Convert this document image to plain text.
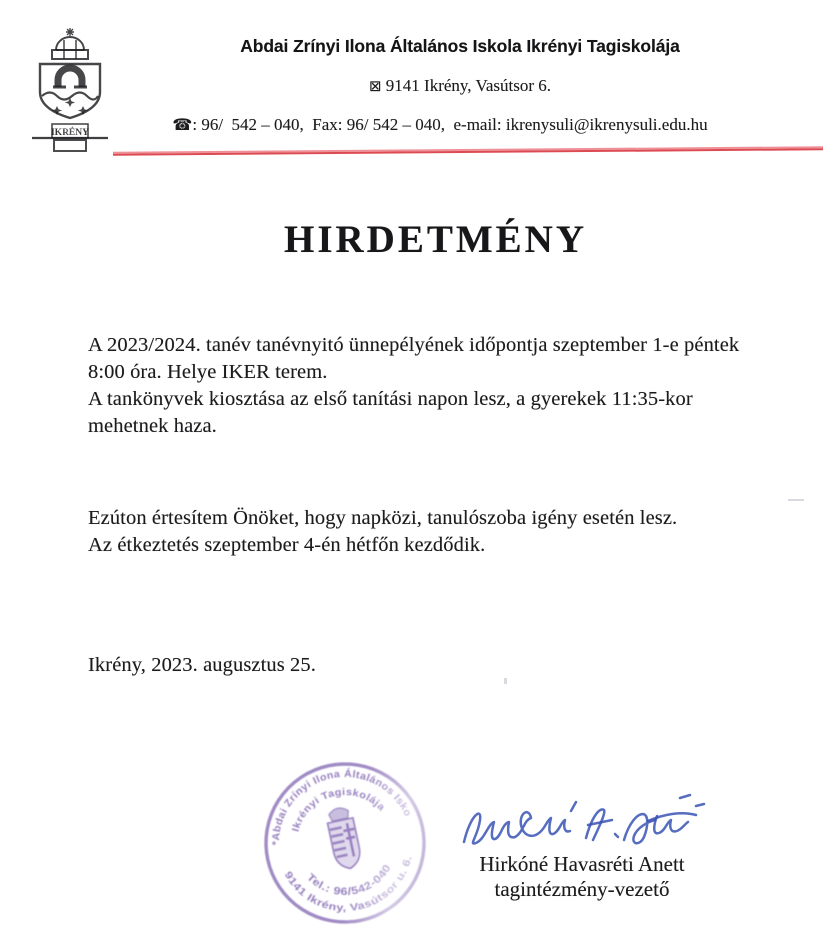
IKRÉNY
Abdai Zrínyi Ilona Általános Iskola Ikrényi Tagiskolája
⊠ 9141 Ikrény, Vasútsor 6.
☎: 96/  542 – 040,  Fax: 96/ 542 – 040,  e-mail: ikrenysuli@ikrenysuli.edu.hu
HIRDETMÉNY
A 2023/2024. tanév tanévnyitó ünnepélyének időpontja szeptember 1-e péntek
8:00 óra. Helye IKER terem.
A tankönyvek kiosztása az első tanítási napon lesz, a gyerekek 11:35-kor
mehetnek haza.
Ezúton értesítem Önöket, hogy napközi, tanulószoba igény esetén lesz.
Az étkeztetés szeptember 4-én hétfőn kezdődik.
Ikrény, 2023. augusztus 25.
*Abdai Zrínyi Ilona Általános Isko
Ikrényi Tagiskolája
Tel.: 96/542-040
9141 Ikrény, Vasútsor u. 6.	Hirkóné Havasréti Anett
tagintézmény-vezető
